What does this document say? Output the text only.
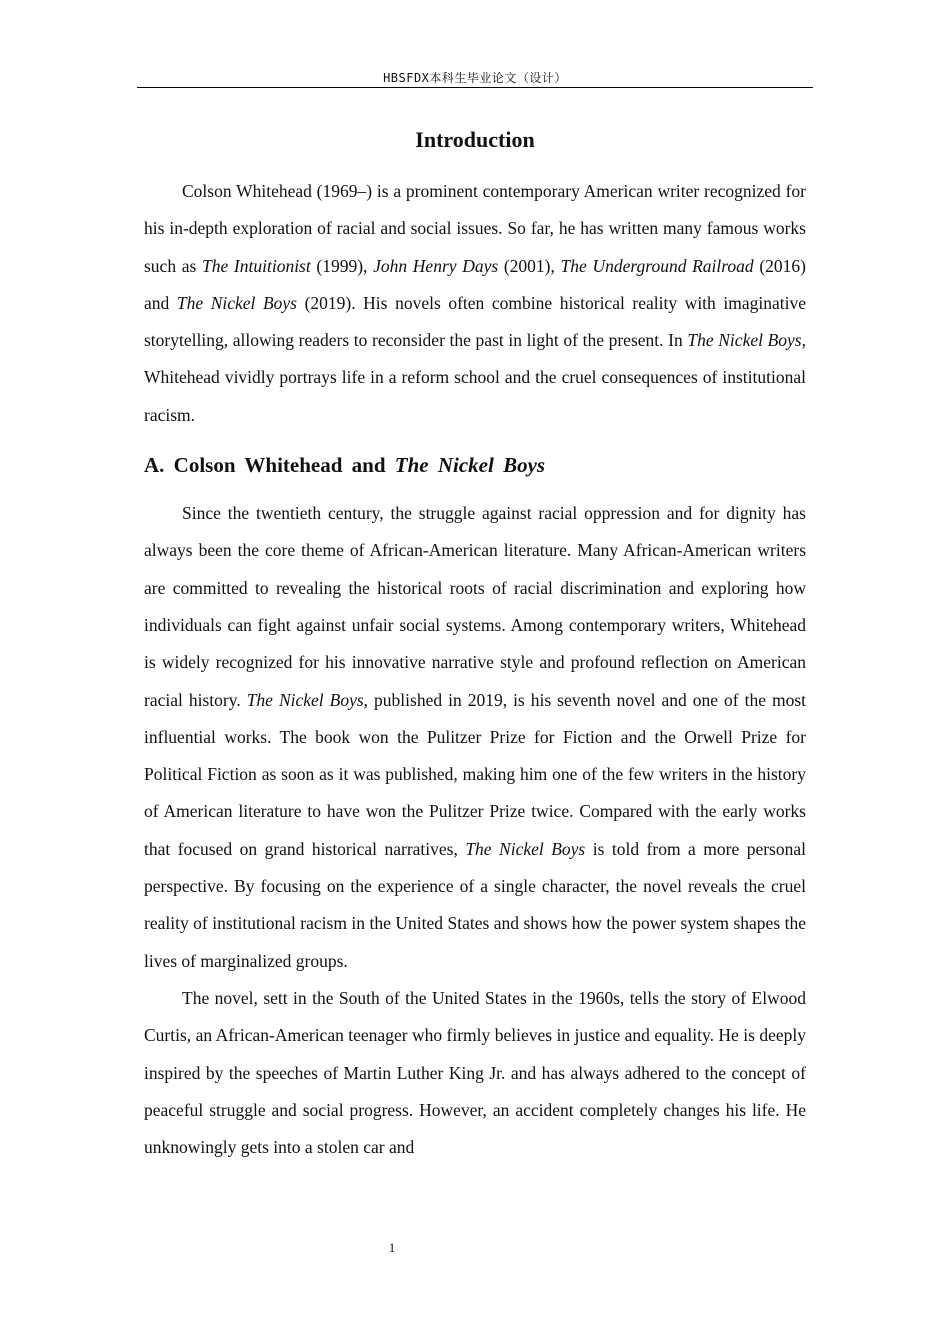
HBSFDX本科生毕业论文（设计）
Introduction

Colson Whitehead (1969–) is a prominent contemporary American writer recognized for his in-depth exploration of racial and social issues. So far, he has written many famous works such as The Intuitionist (1999), John Henry Days (2001), The Underground Railroad (2016) and The Nickel Boys (2019). His novels often combine historical reality with imaginative storytelling, allowing readers to reconsider the past in light of the present. In The Nickel Boys, Whitehead vividly portrays life in a reform school and the cruel consequences of institutional racism.

A. Colson Whitehead and The Nickel Boys

Since the twentieth century, the struggle against racial oppression and for dignity has always been the core theme of African-American literature. Many African-American writers are committed to revealing the historical roots of racial discrimination and exploring how individuals can fight against unfair social systems. Among contemporary writers, Whitehead is widely recognized for his innovative narrative style and profound reflection on American racial history. The Nickel Boys, published in 2019, is his seventh novel and one of the most influential works. The book won the Pulitzer Prize for Fiction and the Orwell Prize for Political Fiction as soon as it was published, making him one of the few writers in the history of American literature to have won the Pulitzer Prize twice. Compared with the early works that focused on grand historical narratives, The Nickel Boys is told from a more personal perspective. By focusing on the experience of a single character, the novel reveals the cruel reality of institutional racism in the United States and shows how the power system shapes the lives of marginalized groups.

The novel, sett in the South of the United States in the 1960s, tells the story of Elwood Curtis, an African-American teenager who firmly believes in justice and equality. He is deeply inspired by the speeches of Martin Luther King Jr. and has always adhered to the concept of peaceful struggle and social progress. However, an accident completely changes his life. He unknowingly gets into a stolen car and

1
